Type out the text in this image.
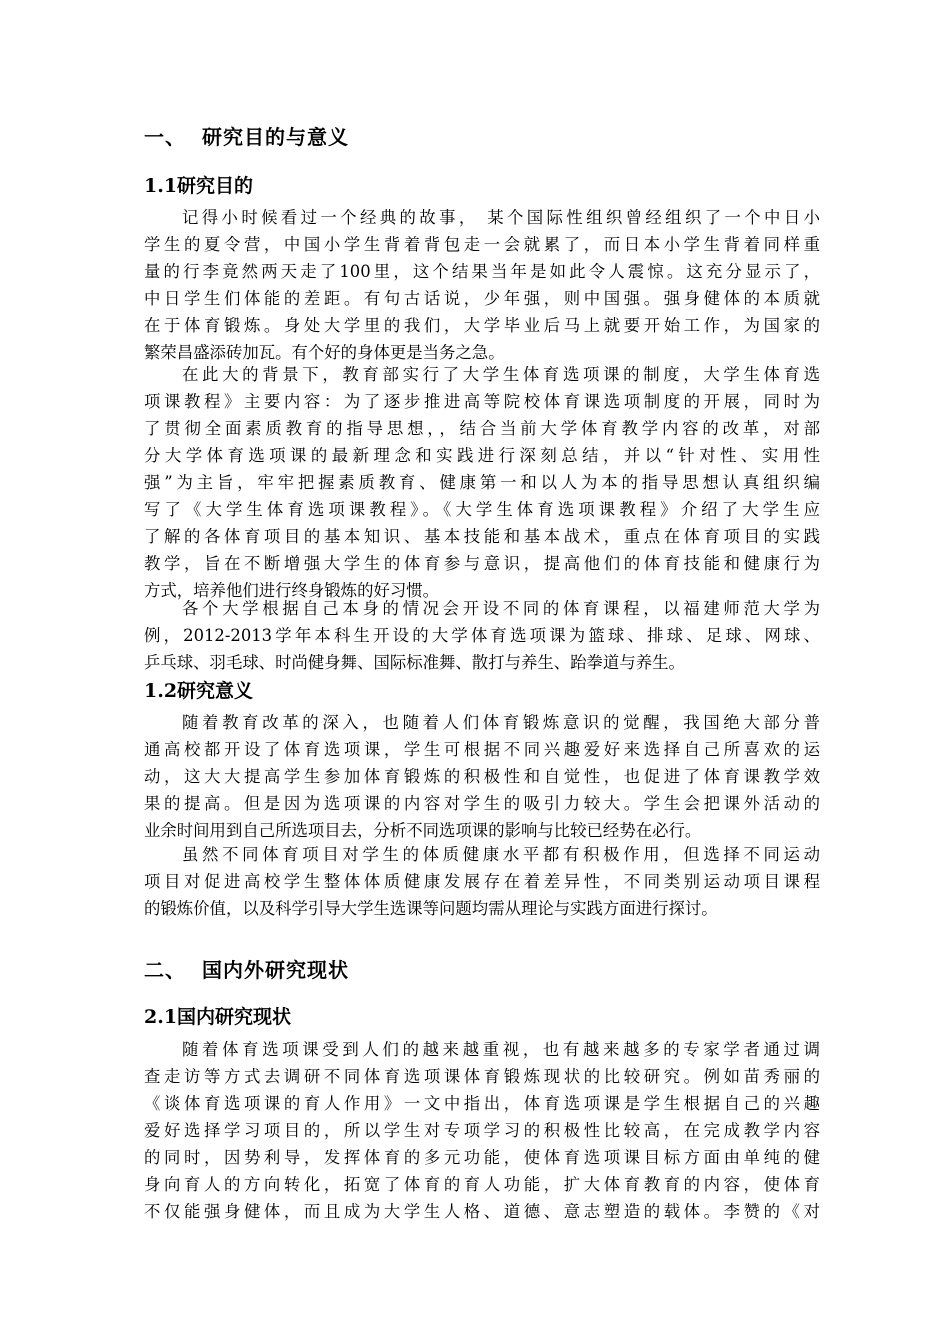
一、 研究目的与意义
1.1研究目的
记得小时候看过一个经典的故事， 某个国际性组织曾经组织了一个中日小
学生的夏令营，中国小学生背着背包走一会就累了，而日本小学生背着同样重
量的行李竟然两天走了100里，这个结果当年是如此令人震惊。这充分显示了，
中日学生们体能的差距。有句古话说，少年强，则中国强。强身健体的本质就
在于体育锻炼。身处大学里的我们，大学毕业后马上就要开始工作，为国家的
繁荣昌盛添砖加瓦。有个好的身体更是当务之急。
在此大的背景下，教育部实行了大学生体育选项课的制度，大学生体育选
项课教程》主要内容：为了逐步推进高等院校体育课选项制度的开展，同时为
了贯彻全面素质教育的指导思想，，结合当前大学体育教学内容的改革，对部
分大学体育选项课的最新理念和实践进行深刻总结，并以“针对性、实用性
强”为主旨，牢牢把握素质教育、健康第一和以人为本的指导思想认真组织编
写了《大学生体育选项课教程》。《大学生体育选项课教程》介绍了大学生应
了解的各体育项目的基本知识、基本技能和基本战术，重点在体育项目的实践
教学，旨在不断增强大学生的体育参与意识，提高他们的体育技能和健康行为
方式，培养他们进行终身锻炼的好习惯。
各个大学根据自己本身的情况会开设不同的体育课程，以福建师范大学为
例，2012-2013学年本科生开设的大学体育选项课为篮球、排球、足球、网球、
乒乓球、羽毛球、时尚健身舞、国际标准舞、散打与养生、跆拳道与养生。
1.2研究意义
随着教育改革的深入，也随着人们体育锻炼意识的觉醒，我国绝大部分普
通高校都开设了体育选项课，学生可根据不同兴趣爱好来选择自己所喜欢的运
动，这大大提高学生参加体育锻炼的积极性和自觉性，也促进了体育课教学效
果的提高。但是因为选项课的内容对学生的吸引力较大。学生会把课外活动的
业余时间用到自己所选项目去，分析不同选项课的影响与比较已经势在必行。
虽然不同体育项目对学生的体质健康水平都有积极作用，但选择不同运动
项目对促进高校学生整体体质健康发展存在着差异性，不同类别运动项目课程
的锻炼价值，以及科学引导大学生选课等问题均需从理论与实践方面进行探讨。
二、 国内外研究现状
2.1国内研究现状
随着体育选项课受到人们的越来越重视，也有越来越多的专家学者通过调
查走访等方式去调研不同体育选项课体育锻炼现状的比较研究。例如苗秀丽的
《谈体育选项课的育人作用》一文中指出，体育选项课是学生根据自己的兴趣
爱好选择学习项目的，所以学生对专项学习的积极性比较高，在完成教学内容
的同时，因势利导，发挥体育的多元功能，使体育选项课目标方面由单纯的健
身向育人的方向转化，拓宽了体育的育人功能，扩大体育教育的内容，使体育
不仅能强身健体，而且成为大学生人格、道德、意志塑造的载体。李赞的《对
